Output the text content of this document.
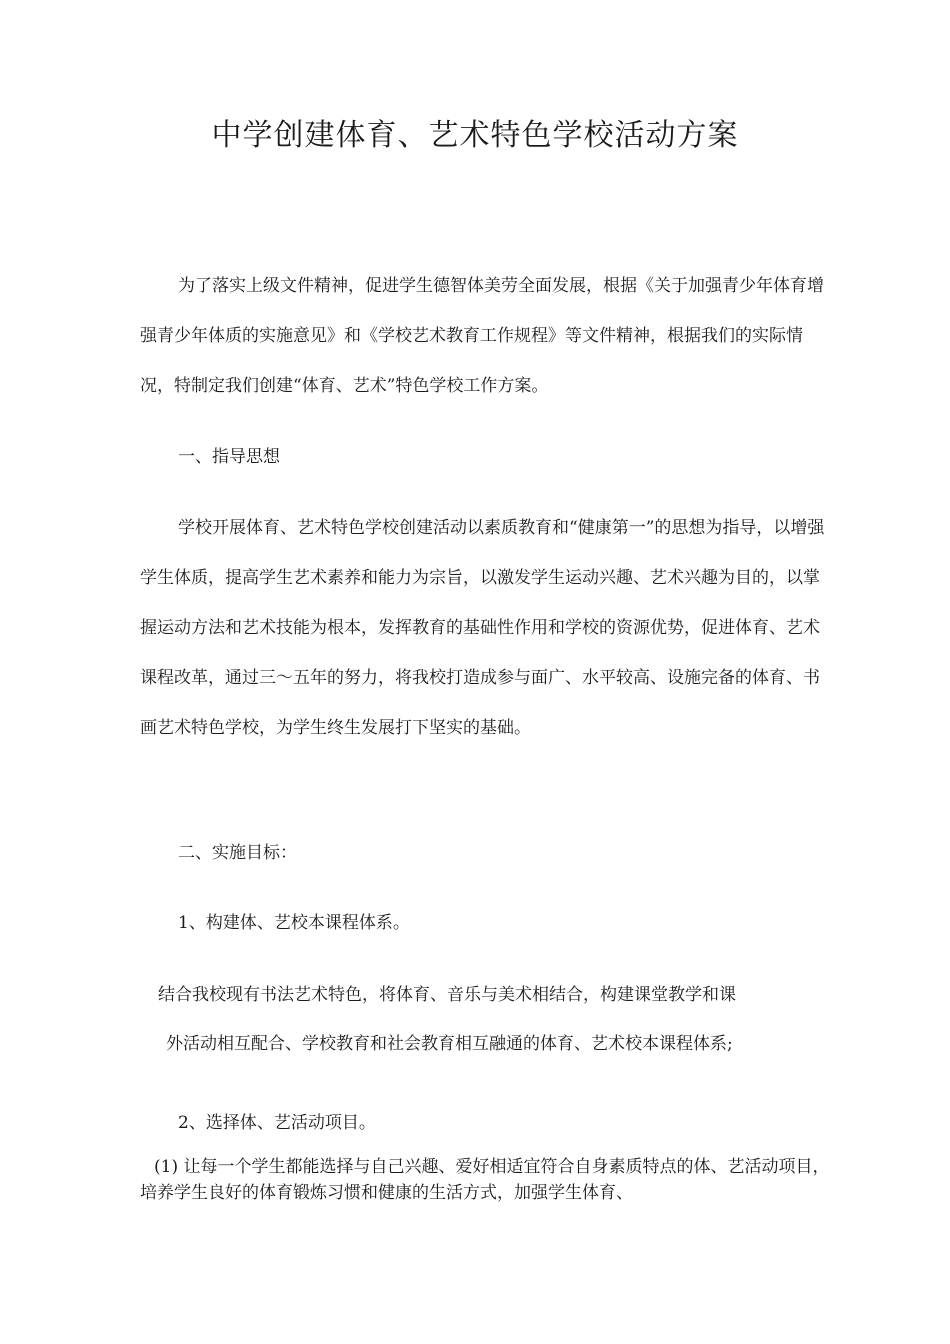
中学创建体育、艺术特色学校活动方案

为了落实上级文件精神，促进学生德智体美劳全面发展，根据《关于加强青少年体育增强青少年体质的实施意见》和《学校艺术教育工作规程》等文件精神，根据我们的实际情况，特制定我们创建“体育、艺术”特色学校工作方案。

一、指导思想

学校开展体育、艺术特色学校创建活动以素质教育和“健康第一”的思想为指导，以增强学生体质，提高学生艺术素养和能力为宗旨，以激发学生运动兴趣、艺术兴趣为目的，以掌握运动方法和艺术技能为根本，发挥教育的基础性作用和学校的资源优势，促进体育、艺术课程改革，通过三〜五年的努力，将我校打造成参与面广、水平较高、设施完备的体育、书画艺术特色学校，为学生终生发展打下坚实的基础。

二、实施目标：

1、构建体、艺校本课程体系。

结合我校现有书法艺术特色，将体育、音乐与美术相结合，构建课堂教学和课

外活动相互配合、学校教育和社会教育相互融通的体育、艺术校本课程体系;

2、选择体、艺活动项目。

(1) 让每一个学生都能选择与自己兴趣、爱好相适宜符合自身素质特点的体、艺活动项目，培养学生良好的体育锻炼习惯和健康的生活方式，加强学生体育、
